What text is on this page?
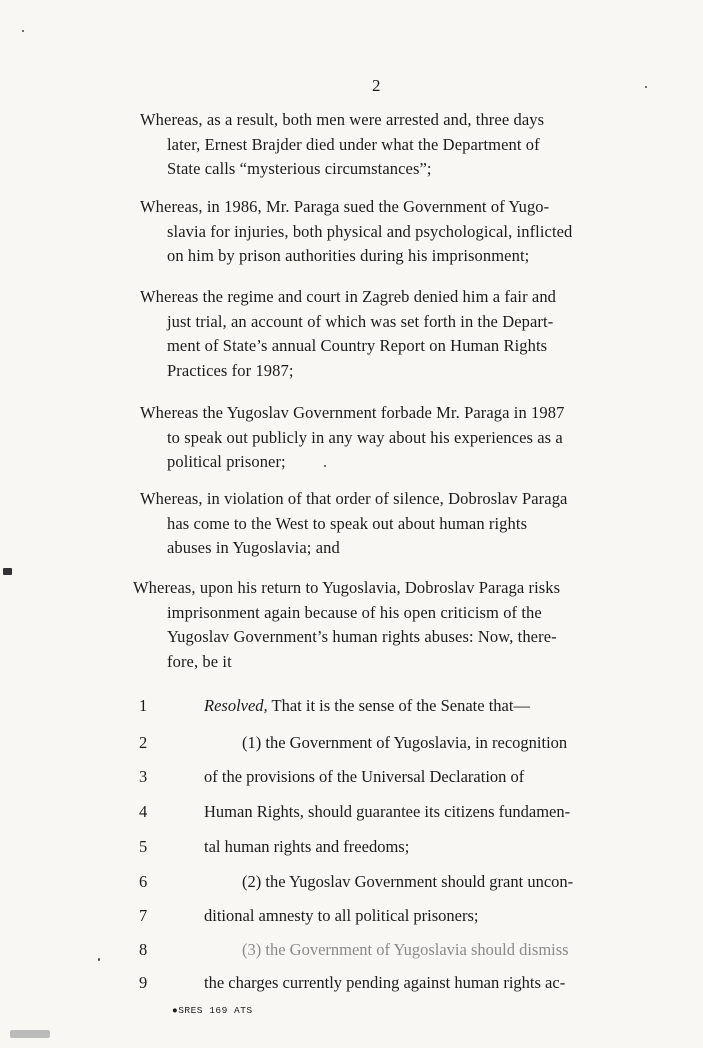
2
Whereas, as a result, both men were arrested and, three days
later, Ernest Brajder died under what the Department of
State calls “mysterious circumstances”;
Whereas, in 1986, Mr. Paraga sued the Government of Yugo-
slavia for injuries, both physical and psychological, inflicted
on him by prison authorities during his imprisonment;
Whereas the regime and court in Zagreb denied him a fair and
just trial, an account of which was set forth in the Depart-
ment of State’s annual Country Report on Human Rights
Practices for 1987;
Whereas the Yugoslav Government forbade Mr. Paraga in 1987
to speak out publicly in any way about his experiences as a
political prisoner;
Whereas, in violation of that order of silence, Dobroslav Paraga
has come to the West to speak out about human rights
abuses in Yugoslavia; and
Whereas, upon his return to Yugoslavia, Dobroslav Paraga risks
imprisonment again because of his open criticism of the
Yugoslav Government’s human rights abuses: Now, there-
fore, be it
1	Resolved, That it is the sense of the Senate that—
2	(1) the Government of Yugoslavia, in recognition
3	of the provisions of the Universal Declaration of
4	Human Rights, should guarantee its citizens fundamen-
5	tal human rights and freedoms;
6	(2) the Yugoslav Government should grant uncon-
7	ditional amnesty to all political prisoners;
8	(3) the Government of Yugoslavia should dismiss
9	the charges currently pending against human rights ac-
●SRES 169 ATS
